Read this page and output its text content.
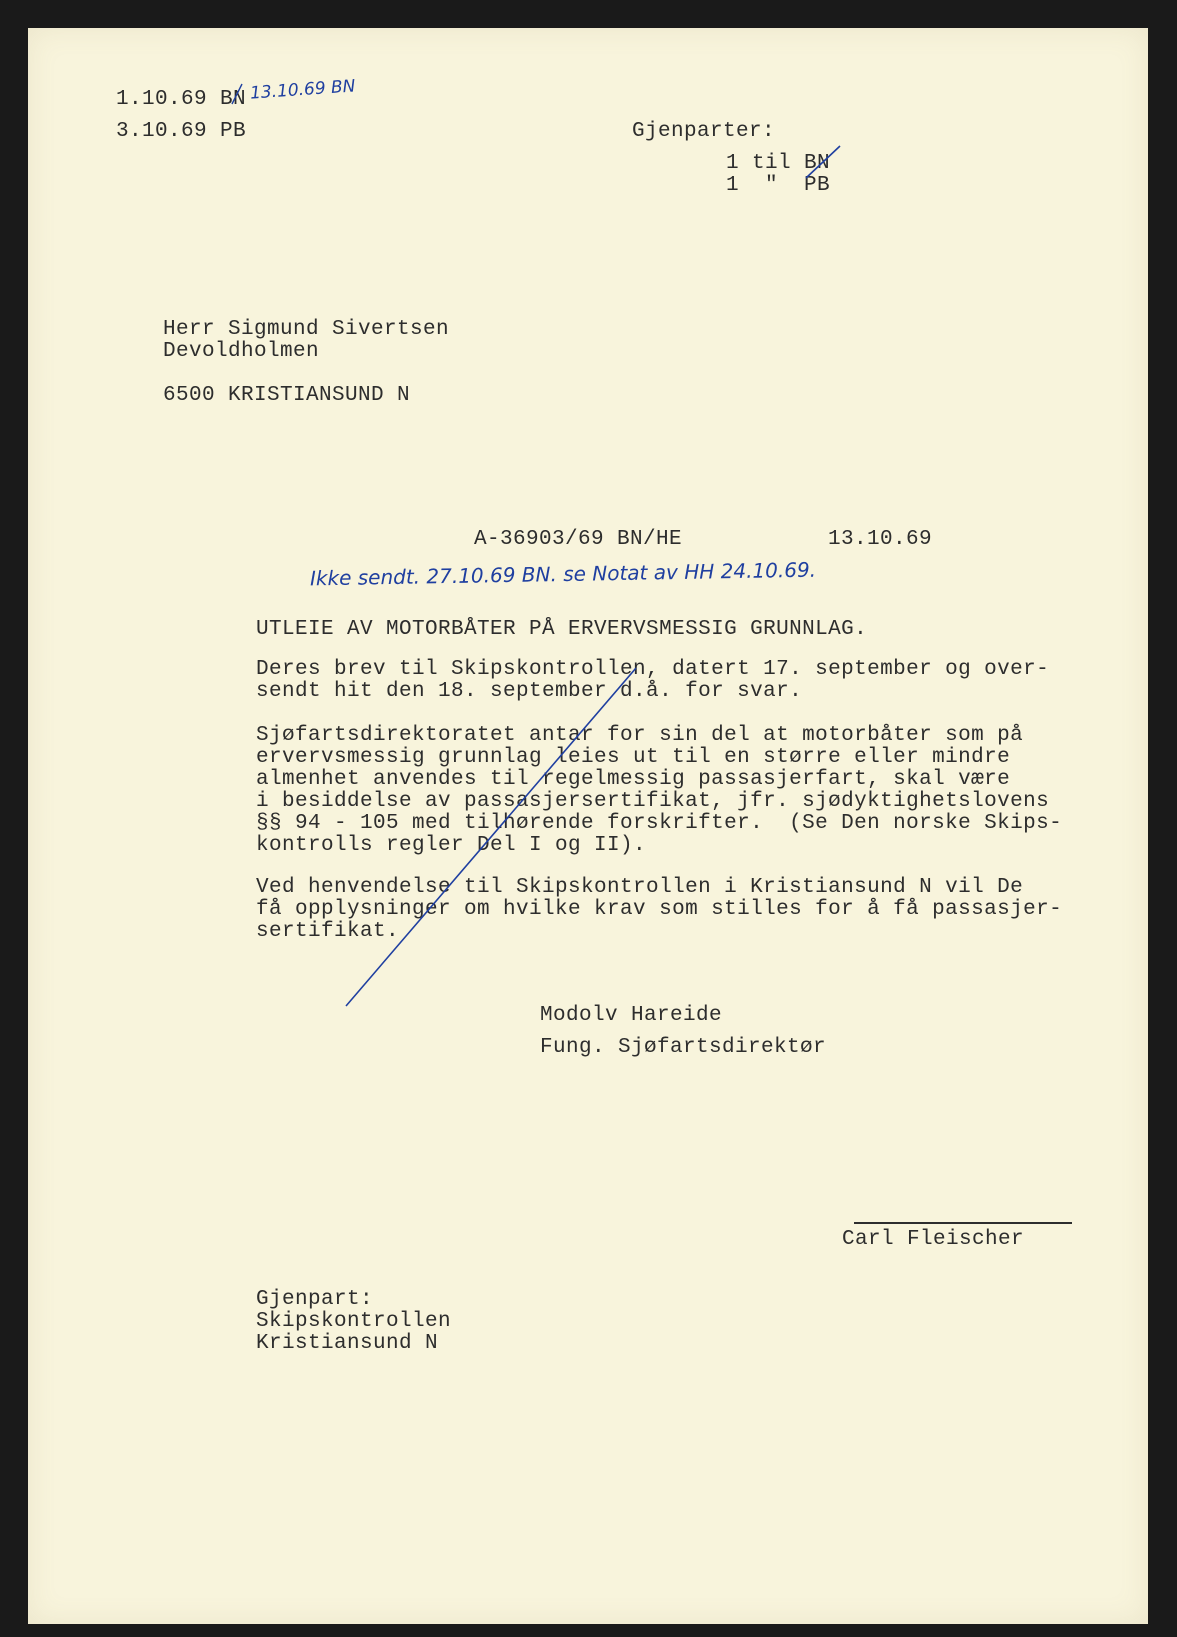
1.10.69 BN 13.10.69 BN
3.10.69 PB	Gjenparter:
1 til BN
1  "  PB
Herr Sigmund Sivertsen
Devoldholmen
6500 KRISTIANSUND N
A-36903/69 BN/HE	13.10.69
Ikke sendt. 27.10.69 BN. se Notat av HH 24.10.69.
UTLEIE AV MOTORBÅTER PÅ ERVERVSMESSIG GRUNNLAG.
Deres brev til Skipskontrollen, datert 17. september og over-
sendt hit den 18. september d.å. for svar.
Sjøfartsdirektoratet antar for sin del at motorbåter som på
ervervsmessig grunnlag leies ut til en større eller mindre
almenhet anvendes til regelmessig passasjerfart, skal være
i besiddelse av passasjersertifikat, jfr. sjødyktighetslovens
§§ 94 - 105 med tilhørende forskrifter.  (Se Den norske Skips-
kontrolls regler Del I og II).
Ved henvendelse til Skipskontrollen i Kristiansund N vil De
få opplysninger om hvilke krav som stilles for å få passasjer-
sertifikat.
Modolv Hareide
Fung. Sjøfartsdirektør
Carl Fleischer
Gjenpart:
Skipskontrollen
Kristiansund N
